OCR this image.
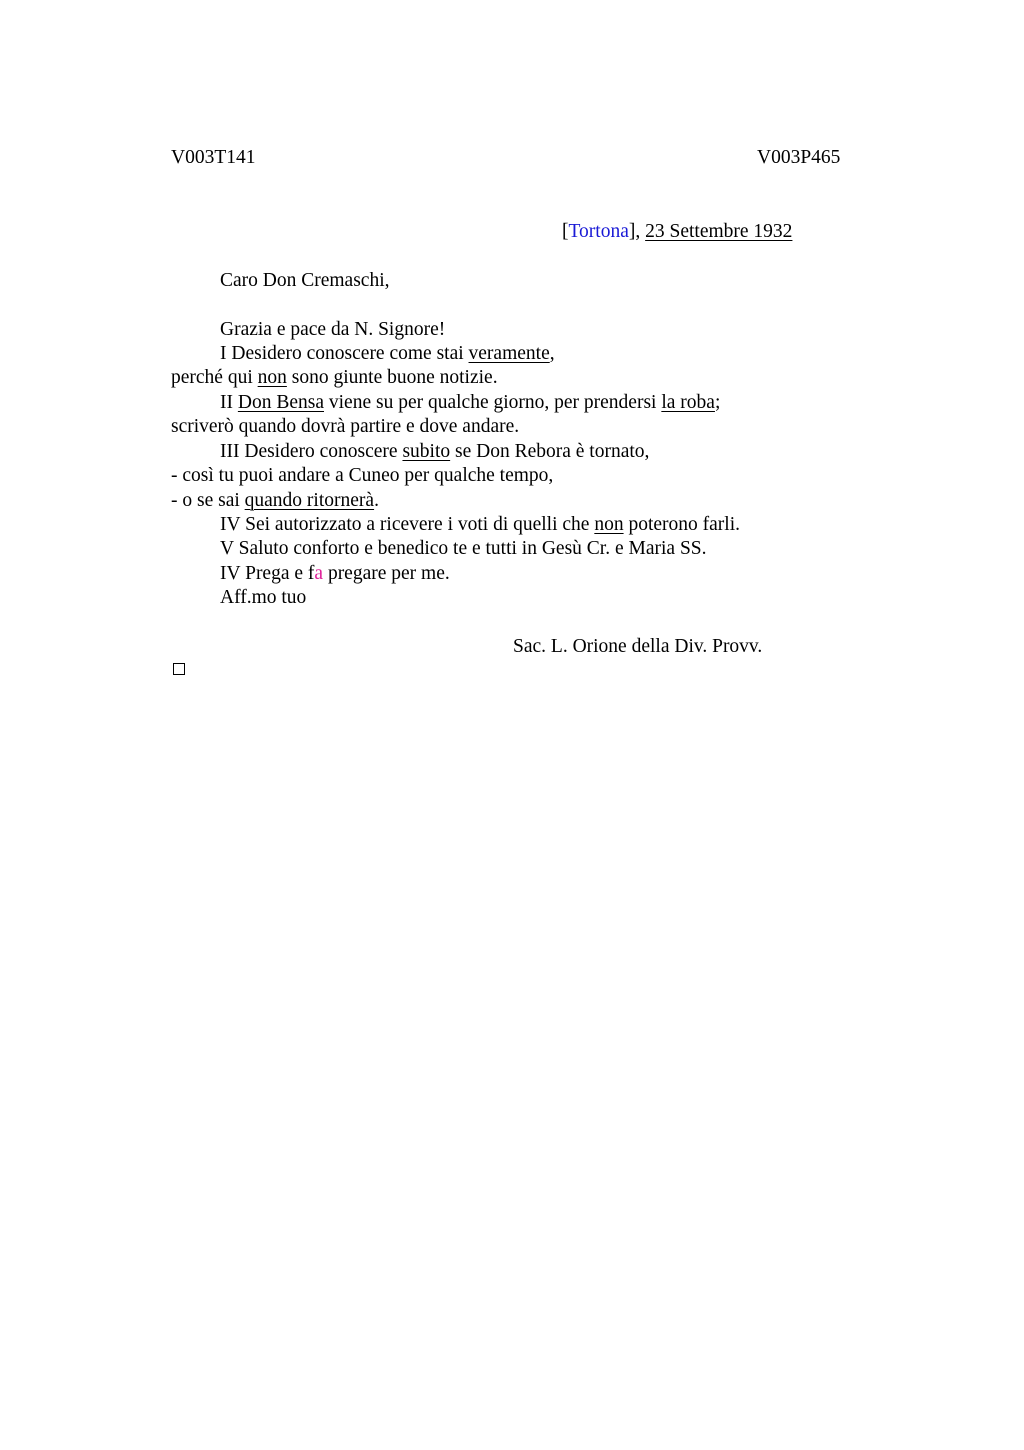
V003T141	V003P465
[Tortona], 23 Settembre 1932
Caro Don Cremaschi,
Grazia e pace da N. Signore!
I Desidero conoscere come stai veramente,
perché qui non sono giunte buone notizie.
II Don Bensa viene su per qualche giorno, per prendersi la roba;
scriverò quando dovrà partire e dove andare.
III Desidero conoscere subito se Don Rebora è tornato,
- così tu puoi andare a Cuneo per qualche tempo,
- o se sai quando ritornerà.
IV Sei autorizzato a ricevere i voti di quelli che non poterono farli.
V Saluto conforto e benedico te e tutti in Gesù Cr. e Maria SS.
IV Prega e fa pregare per me.
Aff.mo tuo
Sac. L. Orione della Div. Provv.
